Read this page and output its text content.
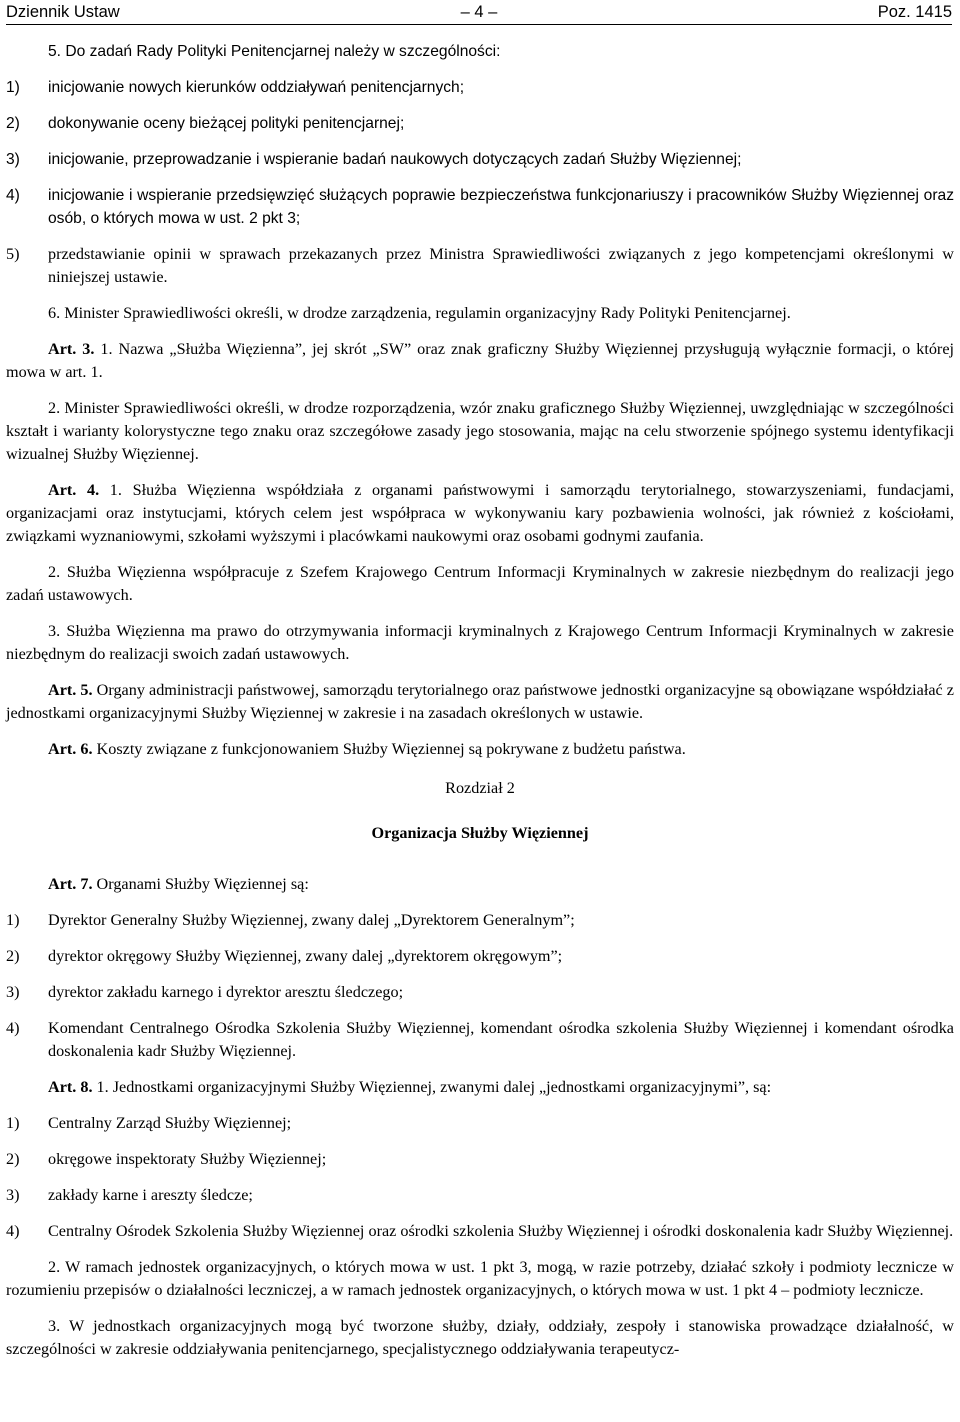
Dziennik Ustaw	– 4 –	Poz. 1415

5. Do zadań Rady Polityki Penitencjarnej należy w szczególności:

1) inicjowanie nowych kierunków oddziaływań penitencjarnych;

2) dokonywanie oceny bieżącej polityki penitencjarnej;

3) inicjowanie, przeprowadzanie i wspieranie badań naukowych dotyczących zadań Służby Więziennej;

4) inicjowanie i wspieranie przedsięwzięć służących poprawie bezpieczeństwa funkcjonariuszy i pracowników Służby Więziennej oraz osób, o których mowa w ust. 2 pkt 3;

5) przedstawianie opinii w sprawach przekazanych przez Ministra Sprawiedliwości związanych z jego kompetencjami określonymi w niniejszej ustawie.

6. Minister Sprawiedliwości określi, w drodze zarządzenia, regulamin organizacyjny Rady Polityki Penitencjarnej.

Art. 3. 1. Nazwa „Służba Więzienna”, jej skrót „SW” oraz znak graficzny Służby Więziennej przysługują wyłącznie formacji, o której mowa w art. 1.

2. Minister Sprawiedliwości określi, w drodze rozporządzenia, wzór znaku graficznego Służby Więziennej, uwzględniając w szczególności kształt i warianty kolorystyczne tego znaku oraz szczegółowe zasady jego stosowania, mając na celu stworzenie spójnego systemu identyfikacji wizualnej Służby Więziennej.

Art. 4. 1. Służba Więzienna współdziała z organami państwowymi i samorządu terytorialnego, stowarzyszeniami, fundacjami, organizacjami oraz instytucjami, których celem jest współpraca w wykonywaniu kary pozbawienia wolności, jak również z kościołami, związkami wyznaniowymi, szkołami wyższymi i placówkami naukowymi oraz osobami godnymi zaufania.

2. Służba Więzienna współpracuje z Szefem Krajowego Centrum Informacji Kryminalnych w zakresie niezbędnym do realizacji jego zadań ustawowych.

3. Służba Więzienna ma prawo do otrzymywania informacji kryminalnych z Krajowego Centrum Informacji Kryminalnych w zakresie niezbędnym do realizacji swoich zadań ustawowych.

Art. 5. Organy administracji państwowej, samorządu terytorialnego oraz państwowe jednostki organizacyjne są obowiązane współdziałać z jednostkami organizacyjnymi Służby Więziennej w zakresie i na zasadach określonych w ustawie.

Art. 6. Koszty związane z funkcjonowaniem Służby Więziennej są pokrywane z budżetu państwa.

Rozdział 2

Organizacja Służby Więziennej

Art. 7. Organami Służby Więziennej są:

1) Dyrektor Generalny Służby Więziennej, zwany dalej „Dyrektorem Generalnym”;

2) dyrektor okręgowy Służby Więziennej, zwany dalej „dyrektorem okręgowym”;

3) dyrektor zakładu karnego i dyrektor aresztu śledczego;

4) Komendant Centralnego Ośrodka Szkolenia Służby Więziennej, komendant ośrodka szkolenia Służby Więziennej i komendant ośrodka doskonalenia kadr Służby Więziennej.

Art. 8. 1. Jednostkami organizacyjnymi Służby Więziennej, zwanymi dalej „jednostkami organizacyjnymi”, są:

1) Centralny Zarząd Służby Więziennej;

2) okręgowe inspektoraty Służby Więziennej;

3) zakłady karne i areszty śledcze;

4) Centralny Ośrodek Szkolenia Służby Więziennej oraz ośrodki szkolenia Służby Więziennej i ośrodki doskonalenia kadr Służby Więziennej.

2. W ramach jednostek organizacyjnych, o których mowa w ust. 1 pkt 3, mogą, w razie potrzeby, działać szkoły i podmioty lecznicze w rozumieniu przepisów o działalności leczniczej, a w ramach jednostek organizacyjnych, o których mowa w ust. 1 pkt 4 – podmioty lecznicze.

3. W jednostkach organizacyjnych mogą być tworzone służby, działy, oddziały, zespoły i stanowiska prowadzące działalność, w szczególności w zakresie oddziaływania penitencjarnego, specjalistycznego oddziaływania terapeutycz-
